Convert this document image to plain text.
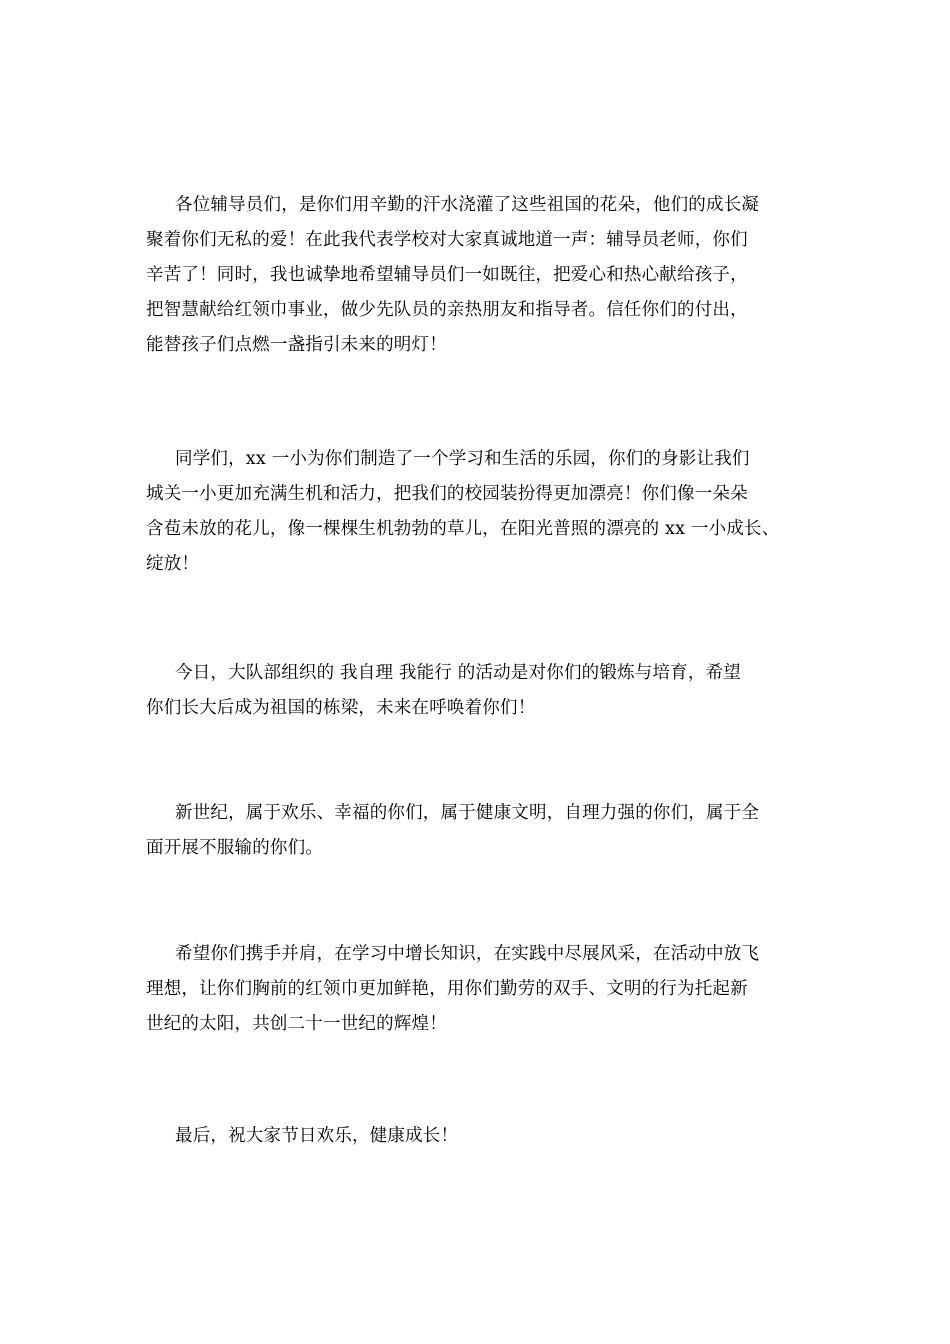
各位辅导员们，是你们用辛勤的汗水浇灌了这些祖国的花朵，他们的成长凝
聚着你们无私的爱！在此我代表学校对大家真诚地道一声：辅导员老师，你们
辛苦了！同时，我也诚挚地希望辅导员们一如既往，把爱心和热心献给孩子，
把智慧献给红领巾事业，做少先队员的亲热朋友和指导者。信任你们的付出，
能替孩子们点燃一盏指引未来的明灯！

同学们，xx 一小为你们制造了一个学习和生活的乐园，你们的身影让我们
城关一小更加充满生机和活力，把我们的校园装扮得更加漂亮！你们像一朵朵
含苞未放的花儿，像一棵棵生机勃勃的草儿，在阳光普照的漂亮的 xx 一小成长、
绽放！

今日，大队部组织的 我自理 我能行 的活动是对你们的锻炼与培育，希望
你们长大后成为祖国的栋梁，未来在呼唤着你们！

新世纪，属于欢乐、幸福的你们，属于健康文明，自理力强的你们，属于全
面开展不服输的你们。

希望你们携手并肩，在学习中增长知识，在实践中尽展风采，在活动中放飞
理想，让你们胸前的红领巾更加鲜艳，用你们勤劳的双手、文明的行为托起新
世纪的太阳，共创二十一世纪的辉煌！

最后，祝大家节日欢乐，健康成长！
